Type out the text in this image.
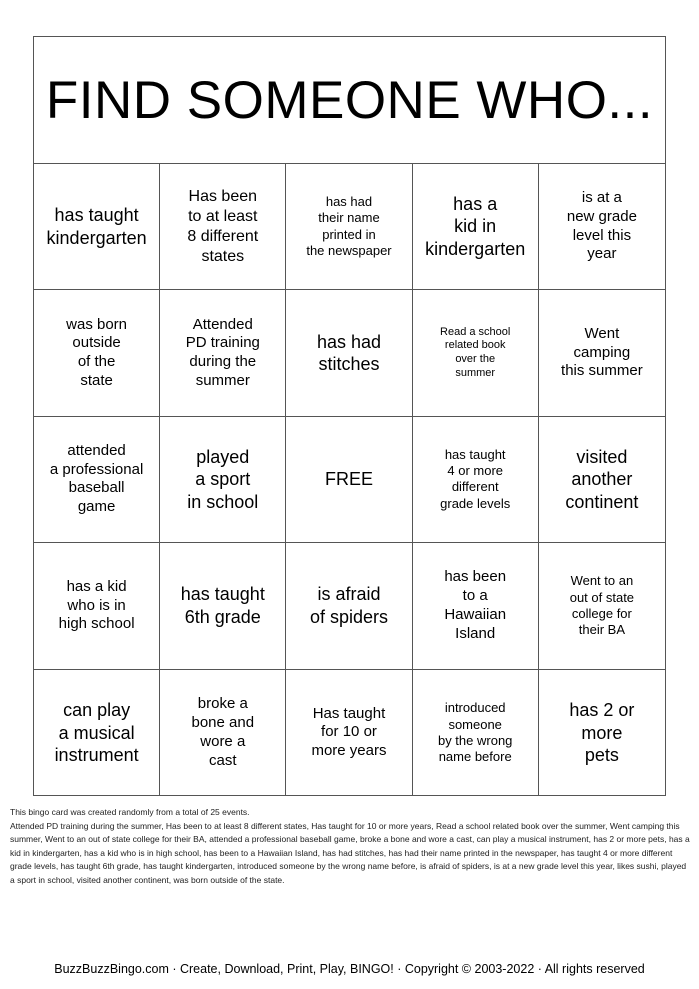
FIND SOMEONE WHO...
has taught
kindergarten
Has been
to at least
8 different
states
has had
their name
printed in
the newspaper
has a
kid in
kindergarten
is at a
new grade
level this
year
was born
outside
of the
state
Attended
PD training
during the
summer
has had
stitches
Read a school
related book
over the
summer
Went
camping
this summer
attended
a professional
baseball
game
played
a sport
in school
FREE
has taught
4 or more
different
grade levels
visited
another
continent
has a kid
who is in
high school
has taught
6th grade
is afraid
of spiders
has been
to a
Hawaiian
Island
Went to an
out of state
college for
their BA
can play
a musical
instrument
broke a
bone and
wore a
cast
Has taught
for 10 or
more years
introduced
someone
by the wrong
name before
has 2 or
more
pets

This bingo card was created randomly from a total of 25 events.

Attended PD training during the summer, Has been to at least 8 different states, Has taught for 10 or more years, Read a school related book over the summer, Went camping this summer, Went to an out of state college for their BA, attended a professional baseball game, broke a bone and wore a cast, can play a musical instrument, has 2 or more pets, has a kid in kindergarten, has a kid who is in high school, has been to a Hawaiian Island, has had stitches, has had their name printed in the newspaper, has taught 4 or more different grade levels, has taught 6th grade, has taught kindergarten, introduced someone by the wrong name before, is afraid of spiders, is at a new grade level this year, likes sushi, played a sport in school, visited another continent, was born outside of the state.

BuzzBuzzBingo.com · Create, Download, Print, Play, BINGO! · Copyright © 2003-2022 · All rights reserved
